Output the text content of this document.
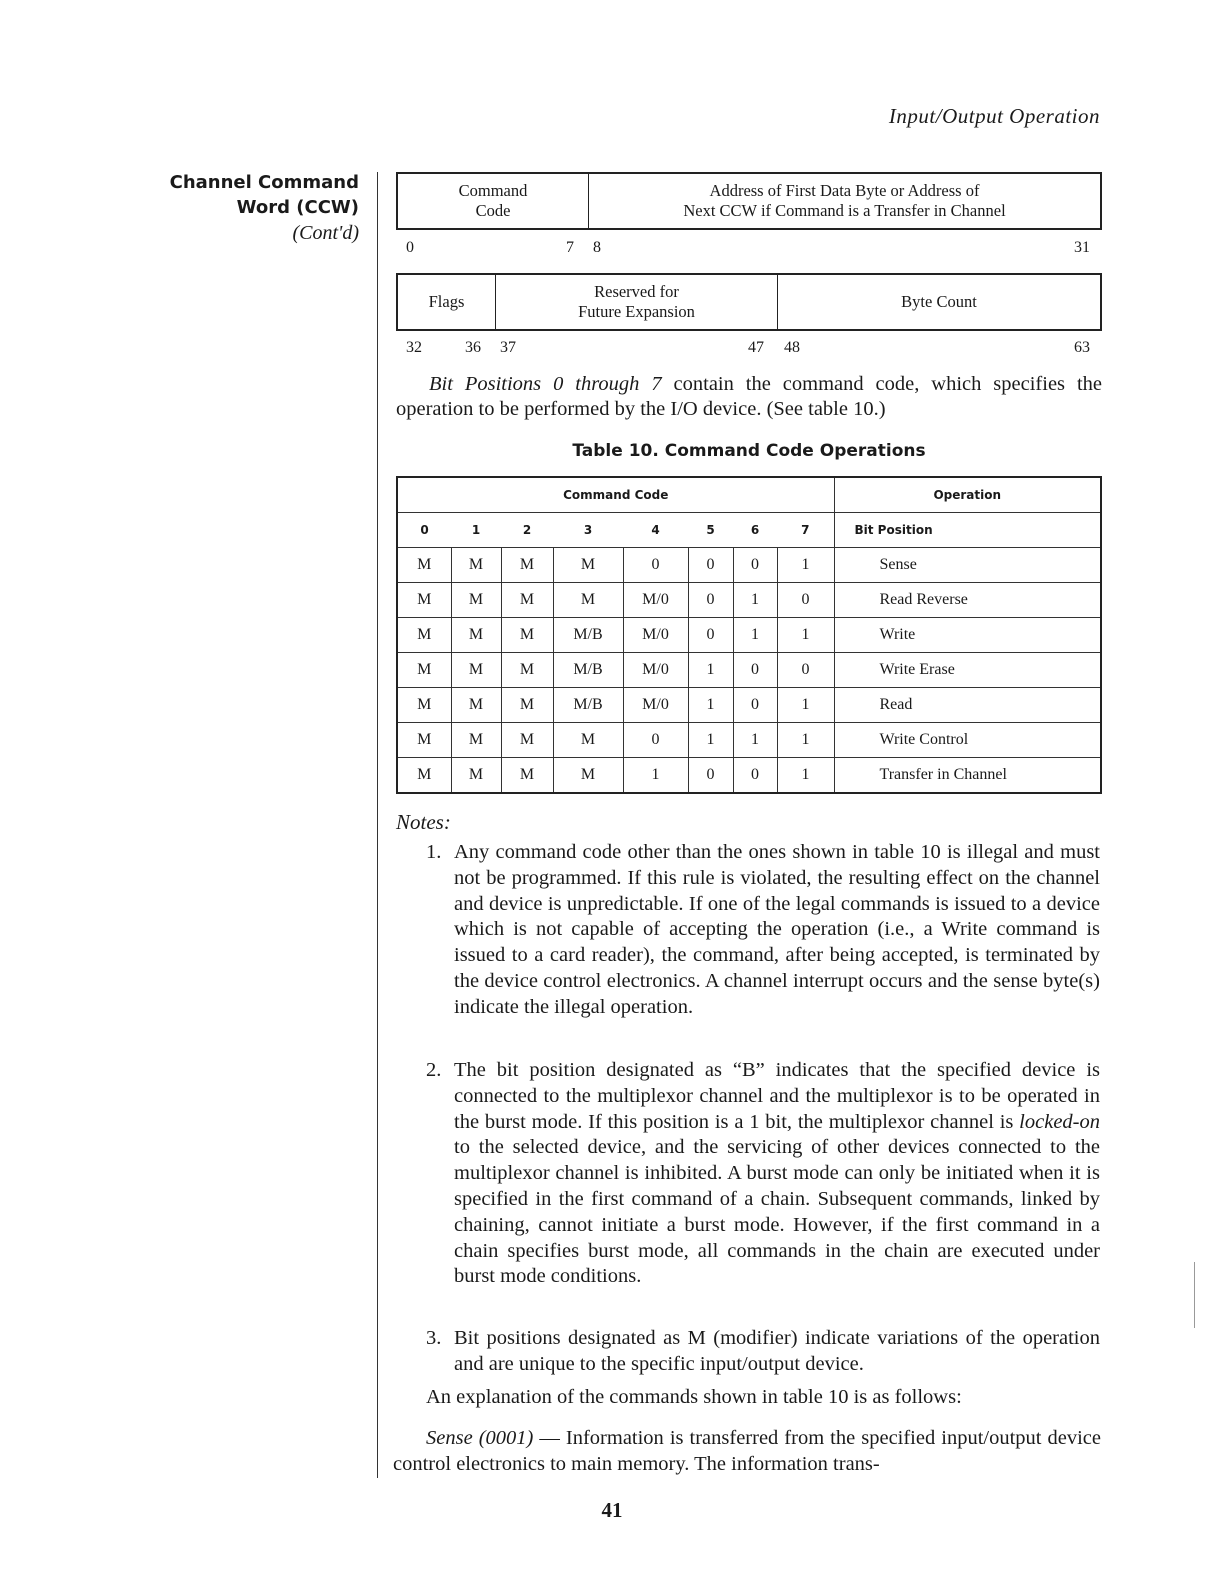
Input/Output Operation
Channel Command
Word (CCW)
(Cont'd)
Command
Code
Address of First Data Byte or Address of
Next CCW if Command is a Transfer in Channel
0	7 8	31
Flags
Reserved for
Future Expansion
Byte Count
32	36 37	47 48	63
Bit Positions 0 through 7 contain the command code, which specifies the operation to be performed by the I/O device. (See table 10.)
Table 10. Command Code Operations
Command Code								Operation
0	1	2	3	4	5	6	7	Bit Position
M	M	M	M	0	0	0	1	Sense
M	M	M	M	M/0	0	1	0	Read Reverse
M	M	M	M/B	M/0	0	1	1	Write
M	M	M	M/B	M/0	1	0	0	Write Erase
M	M	M	M/B	M/0	1	0	1	Read
M	M	M	M	0	1	1	1	Write Control
M	M	M	M	1	0	0	1	Transfer in Channel
Notes:
1. Any command code other than the ones shown in table 10 is illegal and must not be programmed. If this rule is violated, the resulting effect on the channel and device is unpredictable. If one of the legal commands is issued to a device which is not capable of accepting the operation (i.e., a Write command is issued to a card reader), the command, after being accepted, is terminated by the device control electronics. A channel interrupt occurs and the sense byte(s) indicate the illegal operation.
2. The bit position designated as “B” indicates that the specified device is connected to the multiplexor channel and the multiplexor is to be operated in the burst mode. If this position is a 1 bit, the multiplexor channel is locked-on to the selected device, and the servicing of other devices connected to the multiplexor channel is inhibited. A burst mode can only be initiated when it is specified in the first command of a chain. Subsequent commands, linked by chaining, cannot initiate a burst mode. However, if the first command in a chain specifies burst mode, all commands in the chain are executed under burst mode conditions.
3. Bit positions designated as M (modifier) indicate variations of the operation and are unique to the specific input/output device.
An explanation of the commands shown in table 10 is as follows:
Sense (0001) — Information is transferred from the specified input/output device control electronics to main memory. The information trans-
41
